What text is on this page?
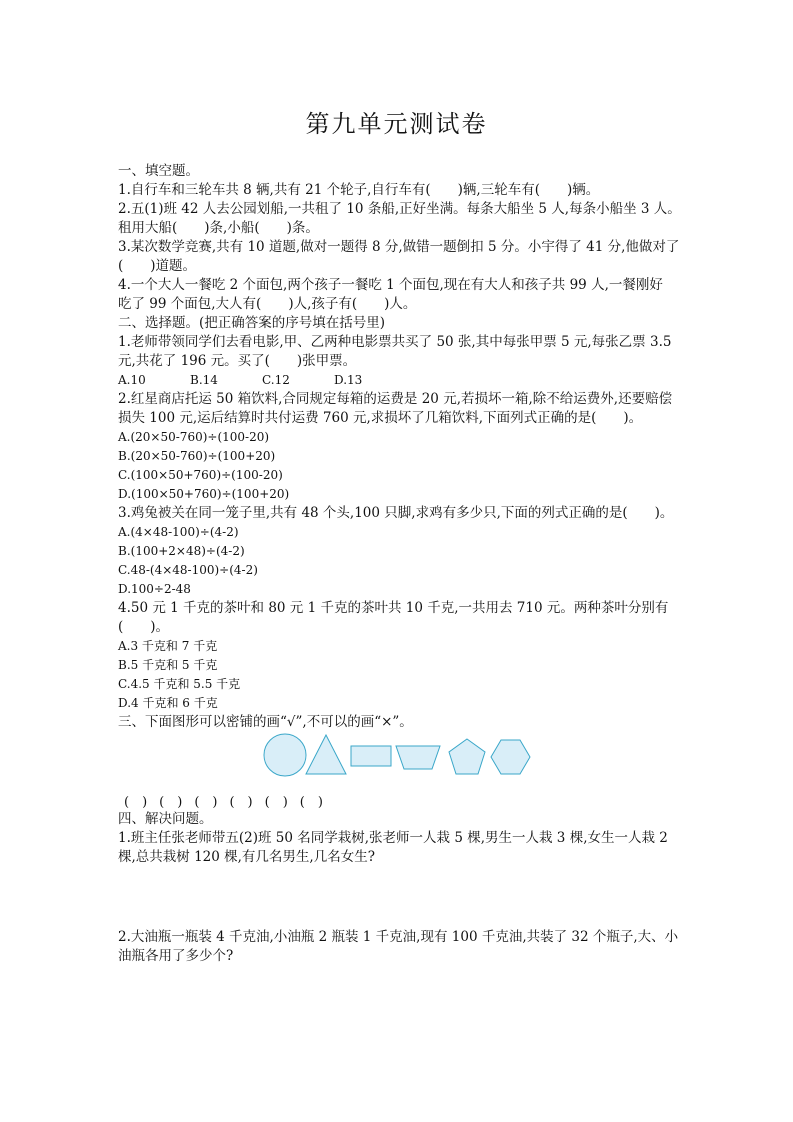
第九单元测试卷
一、填空题。
1.自行车和三轮车共 8 辆,共有 21 个轮子,自行车有(　　)辆,三轮车有(　　)辆。
2.五(1)班 42 人去公园划船,一共租了 10 条船,正好坐满。每条大船坐 5 人,每条小船坐 3 人。
租用大船(　　)条,小船(　　)条。
3.某次数学竞赛,共有 10 道题,做对一题得 8 分,做错一题倒扣 5 分。小宇得了 41 分,他做对了
(　　)道题。
4.一个大人一餐吃 2 个面包,两个孩子一餐吃 1 个面包,现在有大人和孩子共 99 人,一餐刚好
吃了 99 个面包,大人有(　　)人,孩子有(　　)人。
二、选择题。(把正确答案的序号填在括号里)
1.老师带领同学们去看电影,甲、乙两种电影票共买了 50 张,其中每张甲票 5 元,每张乙票 3.5
元,共花了 196 元。买了(　　)张甲票。
A.10	B.14	C.12	D.13
2.红星商店托运 50 箱饮料,合同规定每箱的运费是 20 元,若损坏一箱,除不给运费外,还要赔偿
损失 100 元,运后结算时共付运费 760 元,求损坏了几箱饮料,下面列式正确的是(　　)。
A.(20×50-760)÷(100-20)
B.(20×50-760)÷(100+20)
C.(100×50+760)÷(100-20)
D.(100×50+760)÷(100+20)
3.鸡兔被关在同一笼子里,共有 48 个头,100 只脚,求鸡有多少只,下面的列式正确的是(　　)。
A.(4×48-100)÷(4-2)
B.(100+2×48)÷(4-2)
C.48-(4×48-100)÷(4-2)
D.100÷2-48
4.50 元 1 千克的茶叶和 80 元 1 千克的茶叶共 10 千克,一共用去 710 元。两种茶叶分别有
(　　)。
A.3 千克和 7 千克
B.5 千克和 5 千克
C.4.5 千克和 5.5 千克
D.4 千克和 6 千克
三、下面图形可以密铺的画“√”,不可以的画“×”。
(　) (　) (　) (　) (　) (　)
四、解决问题。
1.班主任张老师带五(2)班 50 名同学栽树,张老师一人栽 5 棵,男生一人栽 3 棵,女生一人栽 2
棵,总共栽树 120 棵,有几名男生,几名女生?
2.大油瓶一瓶装 4 千克油,小油瓶 2 瓶装 1 千克油,现有 100 千克油,共装了 32 个瓶子,大、小
油瓶各用了多少个?
